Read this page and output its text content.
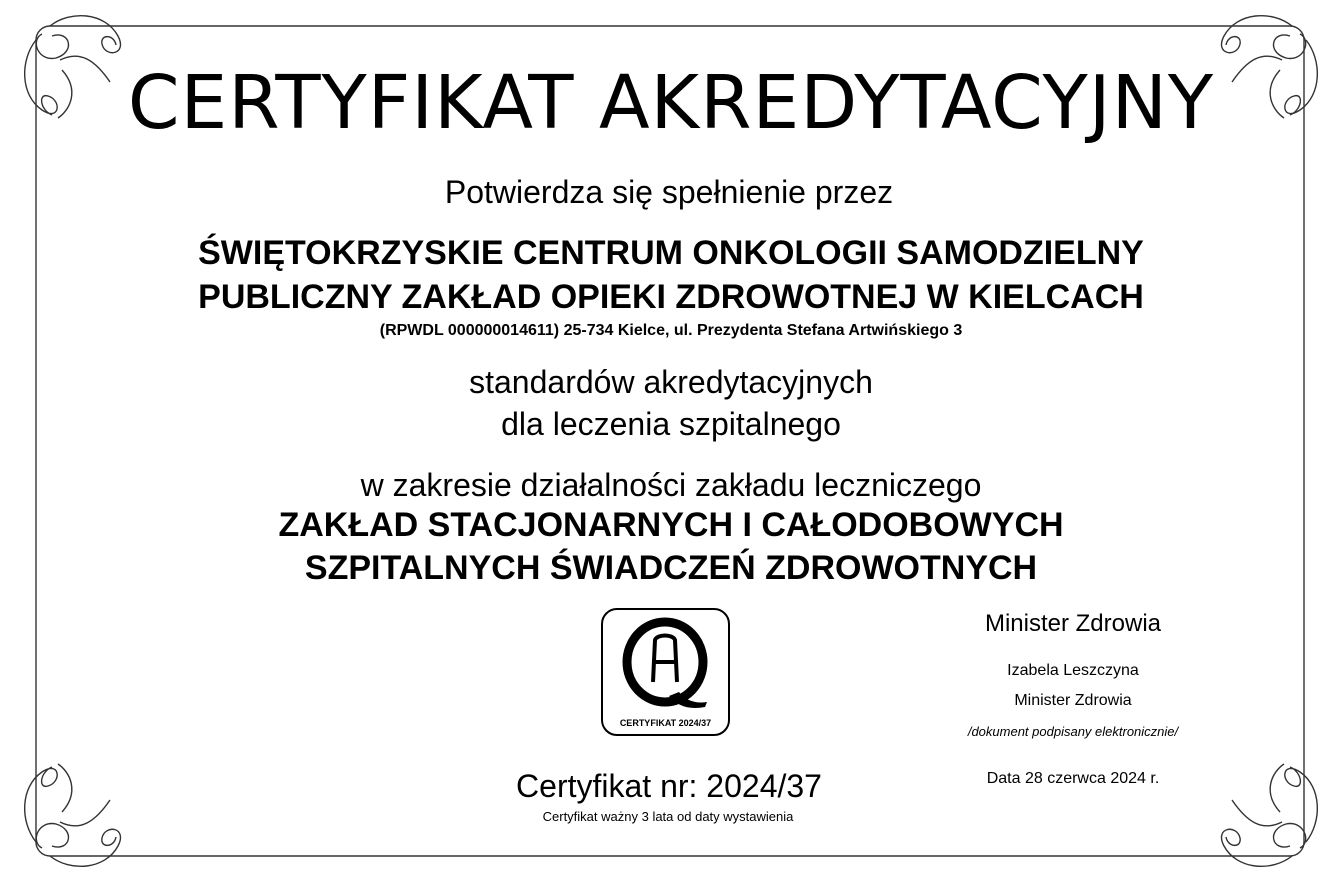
CERTYFIKAT AKREDYTACYJNY
Potwierdza się spełnienie przez
ŚWIĘTOKRZYSKIE CENTRUM ONKOLOGII SAMODZIELNY
PUBLICZNY ZAKŁAD OPIEKI ZDROWOTNEJ W KIELCACH
(RPWDL 000000014611) 25-734 Kielce, ul. Prezydenta Stefana Artwińskiego 3
standardów akredytacyjnych
dla leczenia szpitalnego
w zakresie działalności zakładu leczniczego
ZAKŁAD STACJONARNYCH I CAŁODOBOWYCH
SZPITALNYCH ŚWIADCZEŃ ZDROWOTNYCH
CERTYFIKAT 2024/37
Certyfikat nr: 2024/37
Certyfikat ważny 3 lata od daty wystawienia
Minister Zdrowia
Izabela Leszczyna
Minister Zdrowia
/dokument podpisany elektronicznie/
Data 28 czerwca 2024 r.
